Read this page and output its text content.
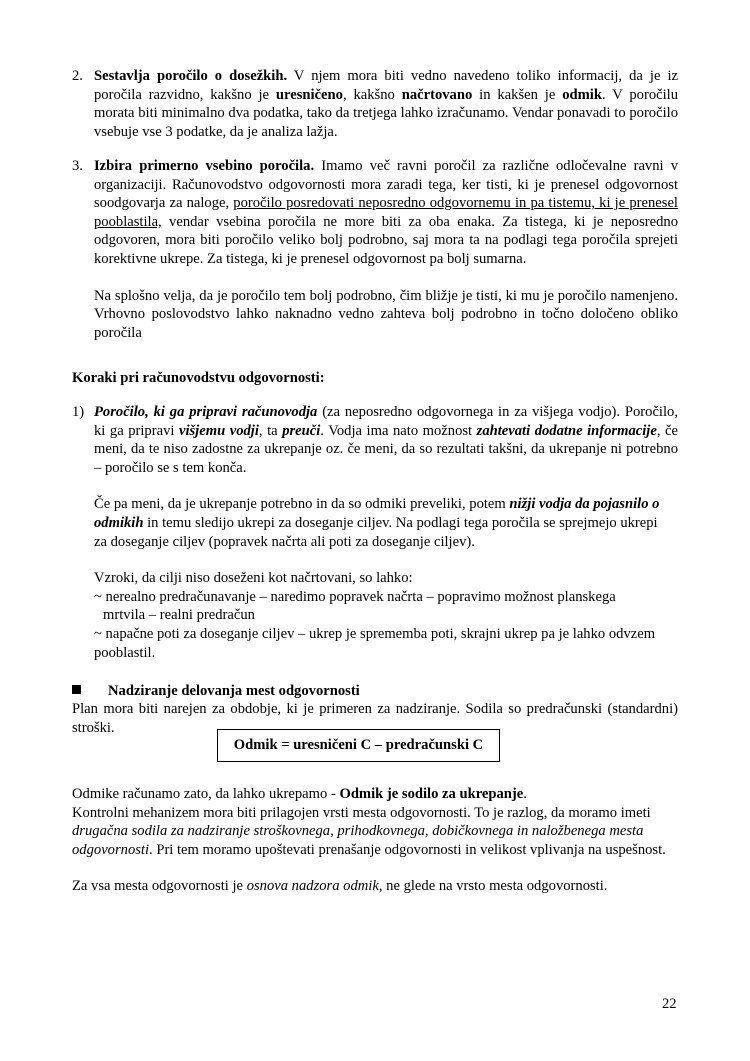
2. Sestavlja poročilo o dosežkih. V njem mora biti vedno navedeno toliko informacij, da je iz poročila razvidno, kakšno je uresničeno, kakšno načrtovano in kakšen je odmik. V poročilu morata biti minimalno dva podatka, tako da tretjega lahko izračunamo. Vendar ponavadi to poročilo vsebuje vse 3 podatke, da je analiza lažja.

3. Izbira primerno vsebino poročila. Imamo več ravni poročil za različne odločevalne ravni v organizaciji. Računovodstvo odgovornosti mora zaradi tega, ker tisti, ki je prenesel odgovornost soodgovarja za naloge, poročilo posredovati neposredno odgovornemu in pa tistemu, ki je prenesel pooblastila, vendar vsebina poročila ne more biti za oba enaka. Za tistega, ki je neposredno odgovoren, mora biti poročilo veliko bolj podrobno, saj mora ta na podlagi tega poročila sprejeti korektivne ukrepe. Za tistega, ki je prenesel odgovornost pa bolj sumarna.

Na splošno velja, da je poročilo tem bolj podrobno, čim bližje je tisti, ki mu je poročilo namenjeno. Vrhovno poslovodstvo lahko naknadno vedno zahteva bolj podrobno in točno določeno obliko poročila

Koraki pri računovodstvu odgovornosti:
1) Poročilo, ki ga pripravi računovodja (za neposredno odgovornega in za višjega vodjo). Poročilo, ki ga pripravi višjemu vodji, ta preuči. Vodja ima nato možnost zahtevati dodatne informacije, če meni, da te niso zadostne za ukrepanje oz. če meni, da so rezultati takšni, da ukrepanje ni potrebno – poročilo se s tem konča.

Če pa meni, da je ukrepanje potrebno in da so odmiki preveliki, potem nižji vodja da pojasnilo o odmikih in temu sledijo ukrepi za doseganje ciljev. Na podlagi tega poročila se sprejmejo ukrepi za doseganje ciljev (popravek načrta ali poti za doseganje ciljev).

Vzroki, da cilji niso doseženi kot načrtovani, so lahko:

~ nerealno predračunavanje – naredimo popravek načrta – popravimo možnost planskega

mrtvila – realni predračun

~ napačne poti za doseganje ciljev – ukrep je sprememba poti, skrajni ukrep pa je lahko odvzem pooblastil.

Nadziranje delovanja mest odgovornosti

Plan mora biti narejen za obdobje, ki je primeren za nadziranje. Sodila so predračunski (standardni) stroški.

Odmik = uresničeni C – predračunski C

Odmike računamo zato, da lahko ukrepamo - Odmik je sodilo za ukrepanje.

Kontrolni mehanizem mora biti prilagojen vrsti mesta odgovornosti. To je razlog, da moramo imeti drugačna sodila za nadziranje stroškovnega, prihodkovnega, dobičkovnega in naložbenega mesta odgovornosti. Pri tem moramo upoštevati prenašanje odgovornosti in velikost vplivanja na uspešnost.

Za vsa mesta odgovornosti je osnova nadzora odmik, ne glede na vrsto mesta odgovornosti.

22
